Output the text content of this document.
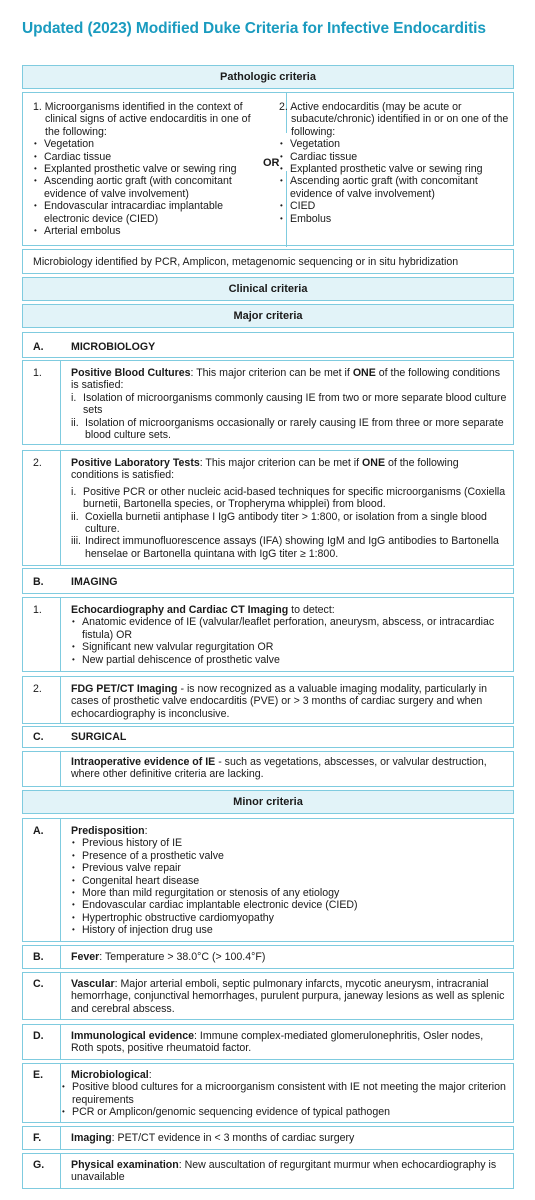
Updated (2023) Modified Duke Criteria for Infective Endocarditis
Pathologic criteria
1. Microorganisms identified in the context of clinical signs of active endocarditis in one of the following:
• Vegetation
• Cardiac tissue
• Explanted prosthetic valve or sewing ring
• Ascending aortic graft (with concomitant evidence of valve involvement)
• Endovascular intracardiac implantable electronic device (CIED)
• Arterial embolus
OR
2. Active endocarditis (may be acute or subacute/chronic) identified in or on one of the following:
• Vegetation
• Cardiac tissue
• Explanted prosthetic valve or sewing ring
• Ascending aortic graft (with concomitant evidence of valve involvement)
• CIED
• Embolus
Microbiology identified by PCR, Amplicon, metagenomic sequencing or in situ hybridization
Clinical criteria
Major criteria
A.	MICROBIOLOGY
1.	Positive Blood Cultures: This major criterion can be met if ONE of the following conditions is satisfied:
i. Isolation of microorganisms commonly causing IE from two or more separate blood culture sets
ii. Isolation of microorganisms occasionally or rarely causing IE from three or more separate blood culture sets.
2.	Positive Laboratory Tests: This major criterion can be met if ONE of the following conditions is satisfied:
i. Positive PCR or other nucleic acid-based techniques for specific microorganisms (Coxiella burnetii, Bartonella species, or Tropheryma whipplei) from blood.
ii. Coxiella burnetii antiphase I IgG antibody titer > 1:800, or isolation from a single blood culture.
iii. Indirect immunofluorescence assays (IFA) showing IgM and IgG antibodies to Bartonella henselae or Bartonella quintana with IgG titer ≥ 1:800.
B.	IMAGING
1.	Echocardiography and Cardiac CT Imaging to detect:
• Anatomic evidence of IE (valvular/leaflet perforation, aneurysm, abscess, or intracardiac fistula) OR
• Significant new valvular regurgitation OR
• New partial dehiscence of prosthetic valve
2.	FDG PET/CT Imaging - is now recognized as a valuable imaging modality, particularly in cases of prosthetic valve endocarditis (PVE) or > 3 months of cardiac surgery and when echocardiography is inconclusive.
C.	SURGICAL
Intraoperative evidence of IE - such as vegetations, abscesses, or valvular destruction, where other definitive criteria are lacking.
Minor criteria
A.	Predisposition:
• Previous history of IE
• Presence of a prosthetic valve
• Previous valve repair
• Congenital heart disease
• More than mild regurgitation or stenosis of any etiology
• Endovascular cardiac implantable electronic device (CIED)
• Hypertrophic obstructive cardiomyopathy
• History of injection drug use
B.	Fever: Temperature > 38.0°C (> 100.4°F)
C.	Vascular: Major arterial emboli, septic pulmonary infarcts, mycotic aneurysm, intracranial hemorrhage, conjunctival hemorrhages, purulent purpura, janeway lesions as well as splenic and cerebral abscess.
D.	Immunological evidence: Immune complex-mediated glomerulonephritis, Osler nodes, Roth spots, positive rheumatoid factor.
E.	Microbiological:
• Positive blood cultures for a microorganism consistent with IE not meeting the major criterion requirements
• PCR or Amplicon/genomic sequencing evidence of typical pathogen
F.	Imaging: PET/CT evidence in < 3 months of cardiac surgery
G.	Physical examination: New auscultation of regurgitant murmur when echocardiography is unavailable
